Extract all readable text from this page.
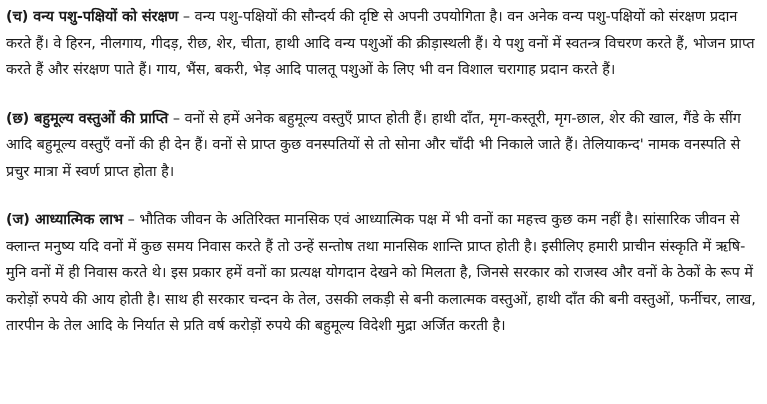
(च) वन्य पशु-पक्षियों को संरक्षण – वन्य पशु-पक्षियों की सौन्दर्य की दृष्टि से अपनी उपयोगिता है। वन अनेक वन्य पशु-पक्षियों को संरक्षण प्रदान करते हैं। वे हिरन, नीलगाय, गीदड़, रीछ, शेर, चीता, हाथी आदि वन्य पशुओं की क्रीड़ास्थली हैं। ये पशु वनों में स्वतन्त्र विचरण करते हैं, भोजन प्राप्त करते हैं और संरक्षण पाते हैं। गाय, भैंस, बकरी, भेड़ आदि पालतू पशुओं के लिए भी वन विशाल चरागाह प्रदान करते हैं।

(छ) बहुमूल्य वस्तुओं की प्राप्ति – वनों से हमें अनेक बहुमूल्य वस्तुएँ प्राप्त होती हैं। हाथी दाँत, मृग-कस्तूरी, मृग-छाल, शेर की खाल, गैंडे के सींग आदि बहुमूल्य वस्तुएँ वनों की ही देन हैं। वनों से प्राप्त कुछ वनस्पतियों से तो सोना और चाँदी भी निकाले जाते हैं। तेलियाकन्द' नामक वनस्पति से प्रचुर मात्रा में स्वर्ण प्राप्त होता है।

(ज) आध्यात्मिक लाभ – भौतिक जीवन के अतिरिक्त मानसिक एवं आध्यात्मिक पक्ष में भी वनों का महत्त्व कुछ कम नहीं है। सांसारिक जीवन से क्लान्त मनुष्य यदि वनों में कुछ समय निवास करते हैं तो उन्हें सन्तोष तथा मानसिक शान्ति प्राप्त होती है। इसीलिए हमारी प्राचीन संस्कृति में ऋषि-मुनि वनों में ही निवास करते थे। इस प्रकार हमें वनों का प्रत्यक्ष योगदान देखने को मिलता है, जिनसे सरकार को राजस्व और वनों के ठेकों के रूप में करोड़ों रुपये की आय होती है। साथ ही सरकार चन्दन के तेल, उसकी लकड़ी से बनी कलात्मक वस्तुओं, हाथी दाँत की बनी वस्तुओं, फर्नीचर, लाख, तारपीन के तेल आदि के निर्यात से प्रति वर्ष करोड़ों रुपये की बहुमूल्य विदेशी मुद्रा अर्जित करती है।
